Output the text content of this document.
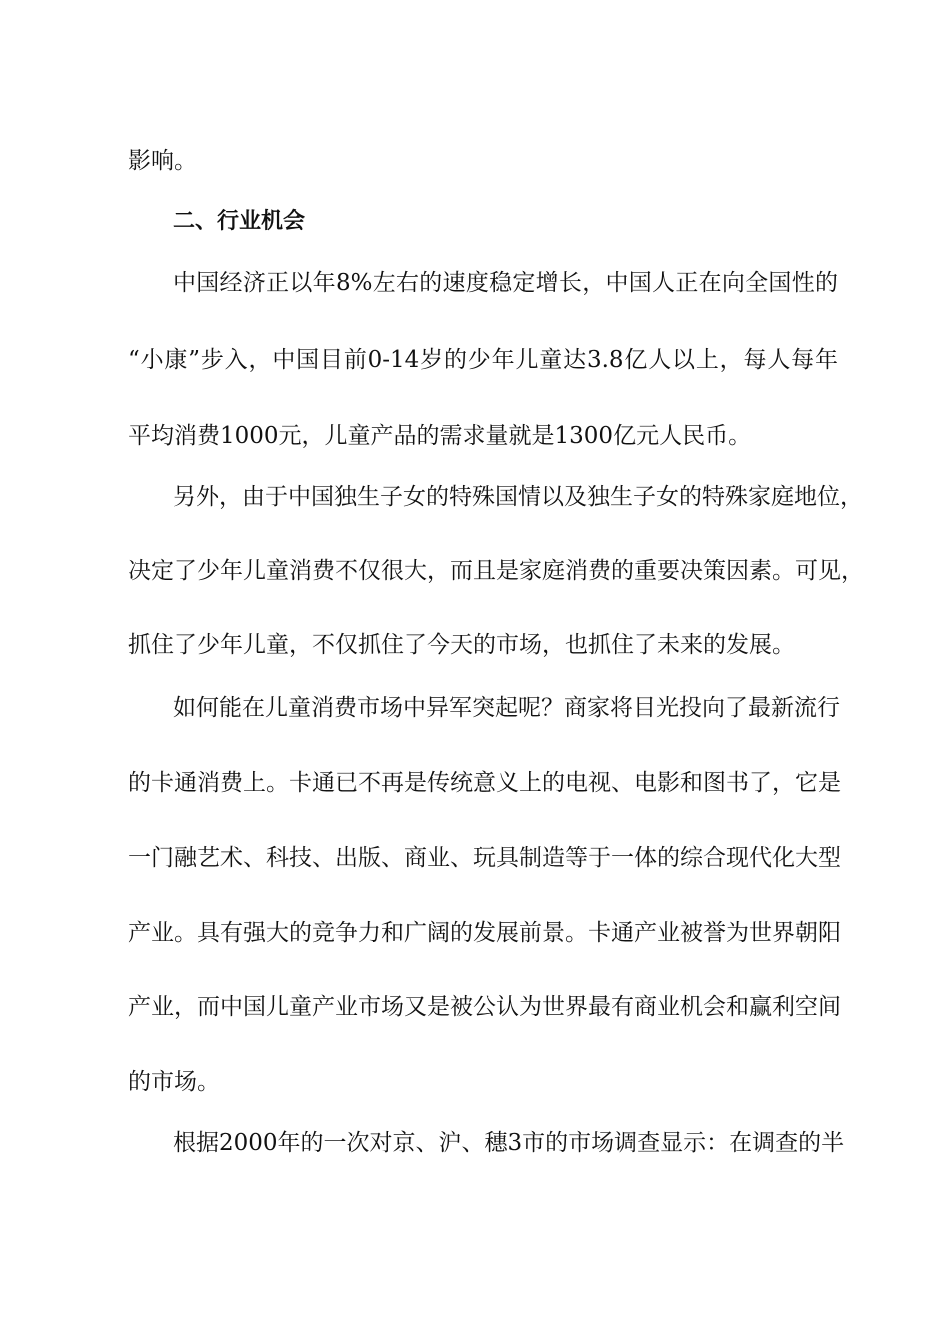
影响。
二、行业机会
中国经济正以年8%左右的速度稳定增长，中国人正在向全国性的
“小康”步入，中国目前0-14岁的少年儿童达3.8亿人以上，每人每年
平均消费1000元，儿童产品的需求量就是1300亿元人民币。
另外，由于中国独生子女的特殊国情以及独生子女的特殊家庭地位，
决定了少年儿童消费不仅很大，而且是家庭消费的重要决策因素。可见，
抓住了少年儿童，不仅抓住了今天的市场，也抓住了未来的发展。
如何能在儿童消费市场中异军突起呢？商家将目光投向了最新流行
的卡通消费上。卡通已不再是传统意义上的电视、电影和图书了，它是
一门融艺术、科技、出版、商业、玩具制造等于一体的综合现代化大型
产业。具有强大的竞争力和广阔的发展前景。卡通产业被誉为世界朝阳
产业，而中国儿童产业市场又是被公认为世界最有商业机会和赢利空间
的市场。
根据2000年的一次对京、沪、穗3市的市场调查显示：在调查的半
